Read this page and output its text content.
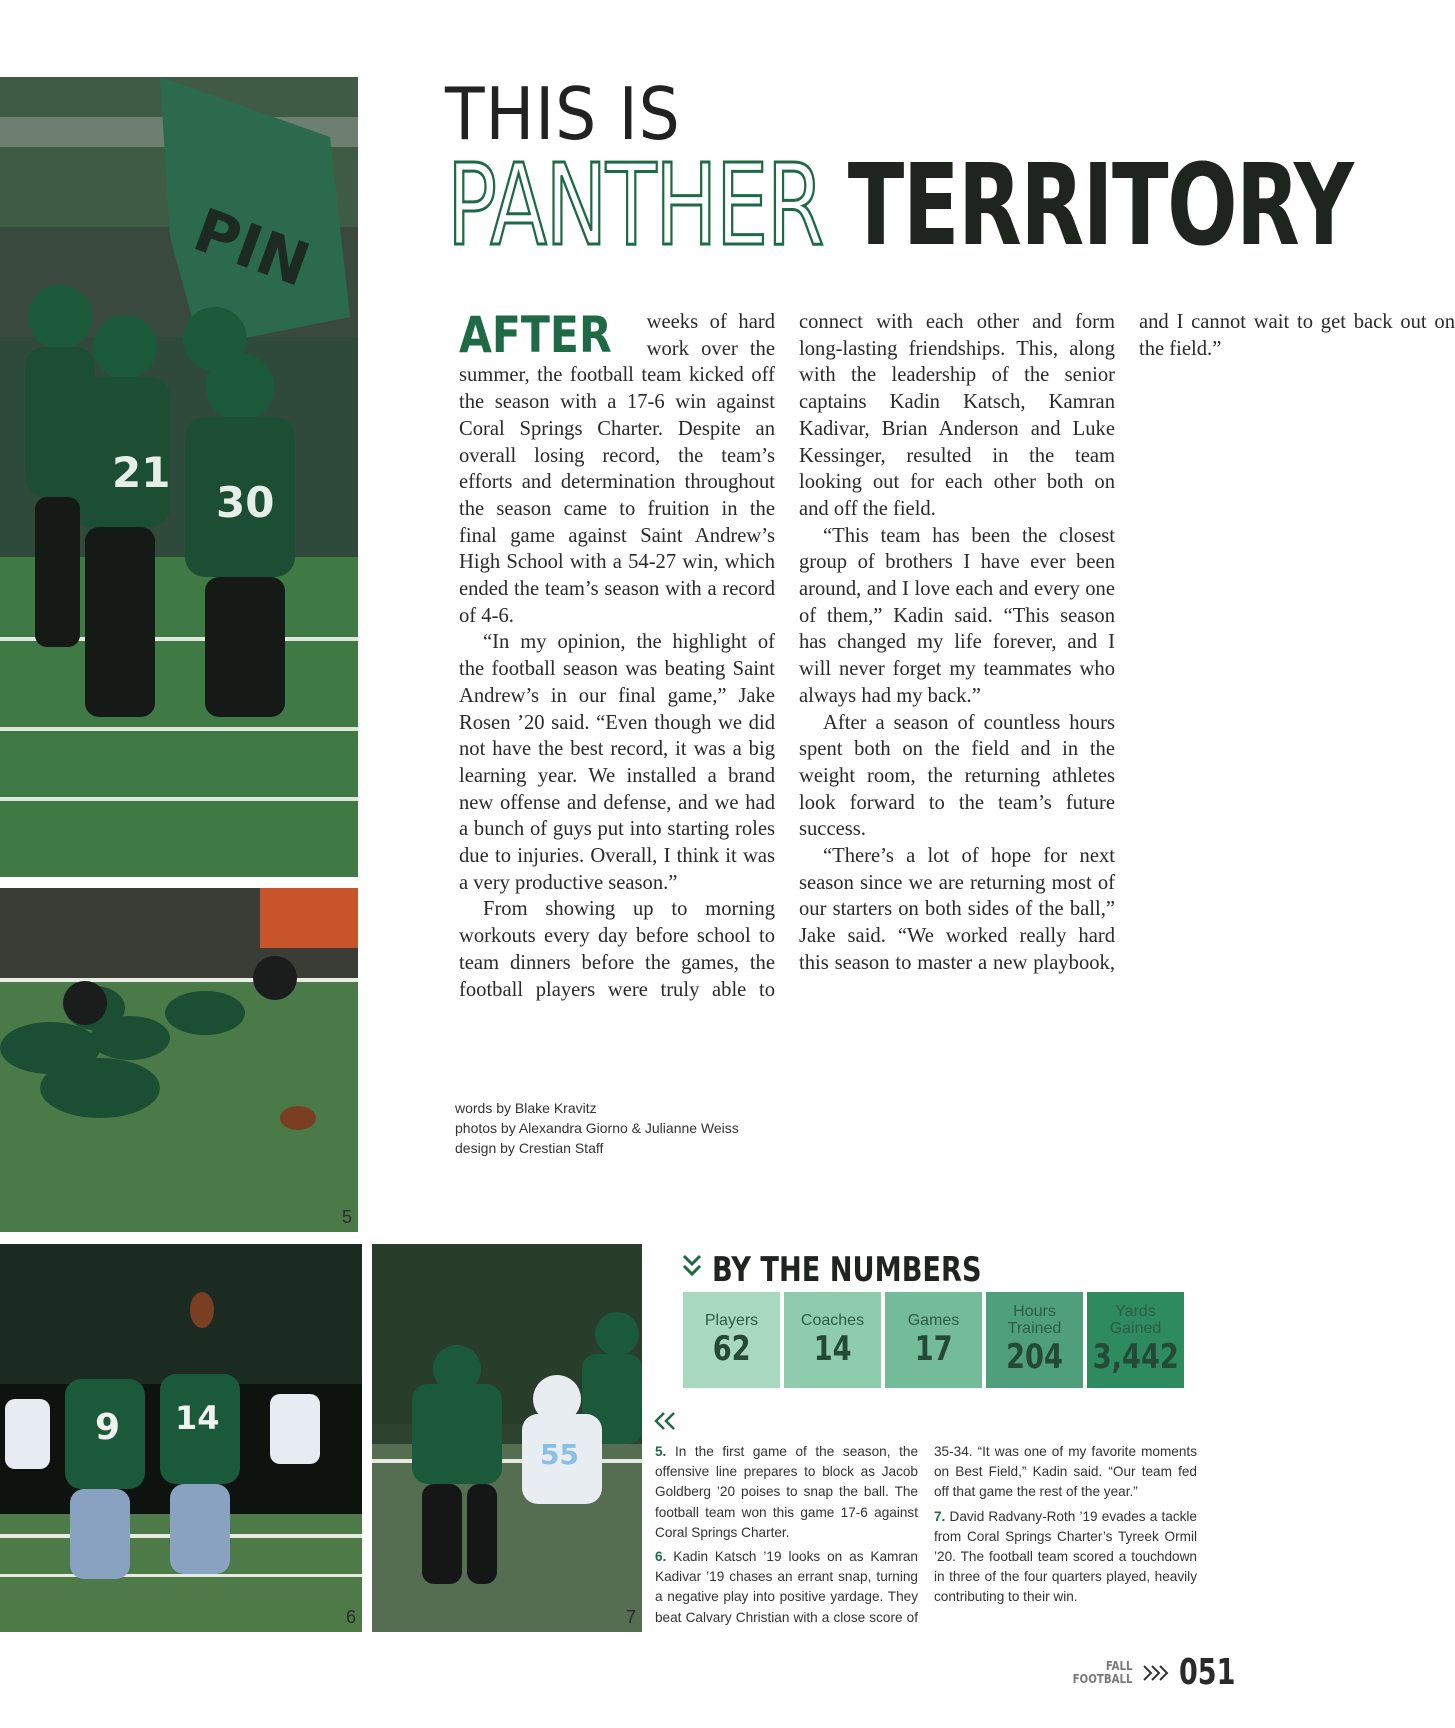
PIN
21
30
5
9 14
6
55
7
THIS IS
PANTHER TERRITORY

AFTER weeks of hard work over the summer, the football team kicked off the season with a 17-6 win against Coral Springs Charter. Despite an overall losing record, the team’s efforts and determination throughout the season came to fruition in the final game against Saint Andrew’s High School with a 54-27 win, which ended the team’s season with a record of 4-6.

“In my opinion, the highlight of the football season was beating Saint Andrew’s in our final game,” Jake Rosen ’20 said. “Even though we did not have the best record, it was a big learning year. We installed a brand new offense and defense, and we had a bunch of guys put into starting roles due to injuries. Overall, I think it was a very productive season.”

From showing up to morning workouts every day before school to team dinners before the games, the football players were truly able to connect with each other and form long-lasting friendships. This, along with the leadership of the senior captains Kadin Katsch, Kamran Kadivar, Brian Anderson and Luke Kessinger, resulted in the team looking out for each other both on and off the field.

“This team has been the closest group of brothers I have ever been around, and I love each and every one of them,” Kadin said. “This season has changed my life forever, and I will never forget my teammates who always had my back.”

After a season of countless hours spent both on the field and in the weight room, the returning athletes look forward to the team’s future success.

“There’s a lot of hope for next season since we are returning most of our starters on both sides of the ball,” Jake said. “We worked really hard this season to master a new playbook, and I cannot wait to get back out on the field.”

words by Blake Kravitz
photos by Alexandra Giorno & Julianne Weiss
design by Crestian Staff
BY THE NUMBERS
Players
62
Coaches
14
Games
17
Hours Trained
204
Yards Gained
3,442

5. In the first game of the season, the offensive line prepares to block as Jacob Goldberg ’20 poises to snap the ball. The football team won this game 17-6 against Coral Springs Charter.

6. Kadin Katsch ’19 looks on as Kamran Kadivar ’19 chases an errant snap, turning a negative play into positive yardage. They beat Calvary Christian with a close score of 35-34. “It was one of my favorite moments on Best Field,” Kadin said. “Our team fed off that game the rest of the year.”

7. David Radvany-Roth ’19 evades a tackle from Coral Springs Charter’s Tyreek Ormil ’20. The football team scored a touchdown in three of the four quarters played, heavily contributing to their win.

FALL
FOOTBALL 051
